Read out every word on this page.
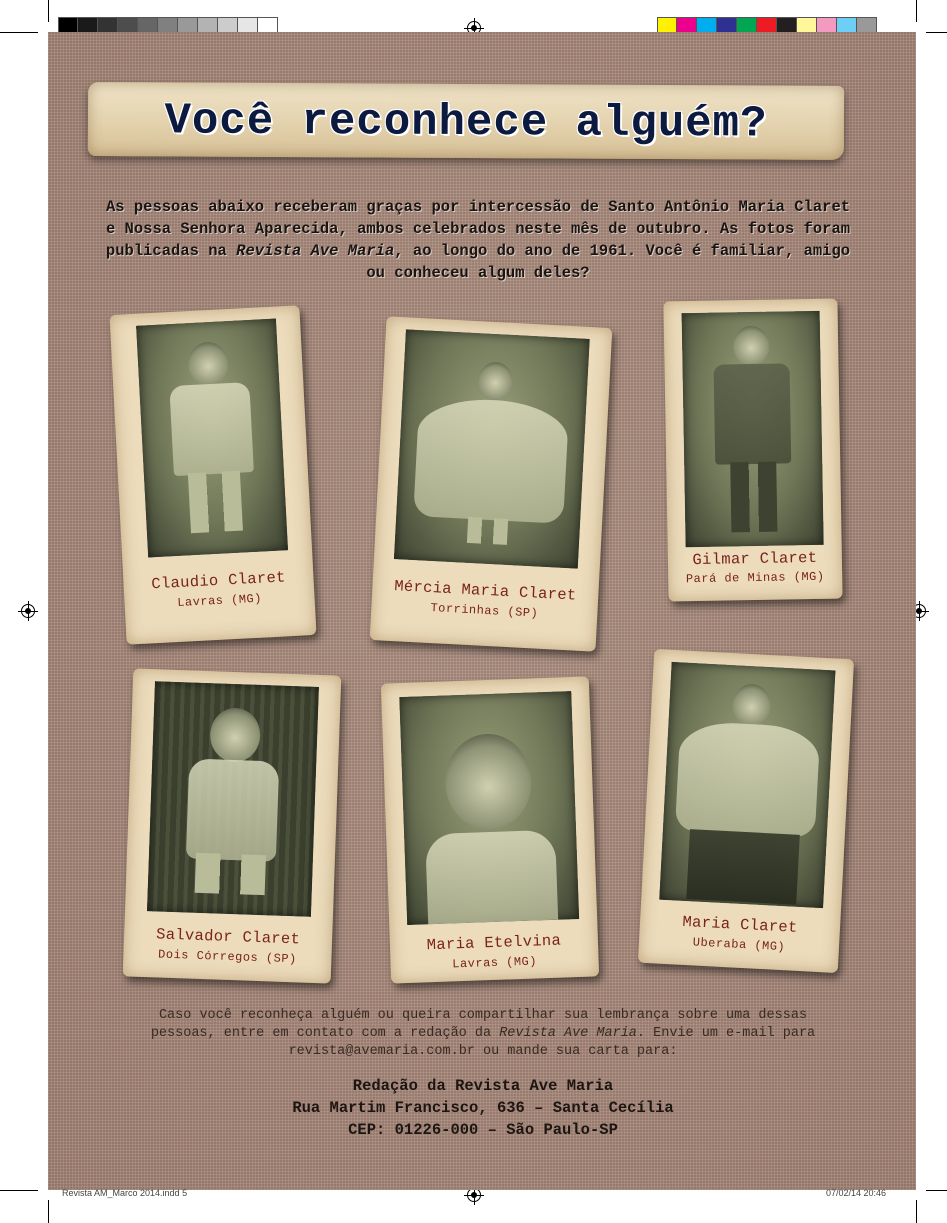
Você reconhece alguém?
As pessoas abaixo receberam graças por intercessão de Santo Antônio Maria Claret e Nossa Senhora Aparecida, ambos celebrados neste mês de outubro. As fotos foram publicadas na Revista Ave Maria, ao longo do ano de 1961. Você é familiar, amigo ou conheceu algum deles?
Claudio Claret
Lavras (MG)	Mércia Maria Claret
Torrinhas (SP)
Gilmar Claret
Pará de Minas (MG)
Salvador Claret
Dois Córregos (SP)
Maria Etelvina
Lavras (MG)
Maria Claret
Uberaba (MG)
Caso você reconheça alguém ou queira compartilhar sua lembrança sobre uma dessas
pessoas, entre em contato com a redação da Revista Ave Maria. Envie um e-mail para
revista@avemaria.com.br ou mande sua carta para:
Redação da Revista Ave Maria
Rua Martim Francisco, 636 – Santa Cecília
CEP: 01226-000 – São Paulo-SP
Revista AM_Marco 2014.indd 5	07/02/14 20:46
